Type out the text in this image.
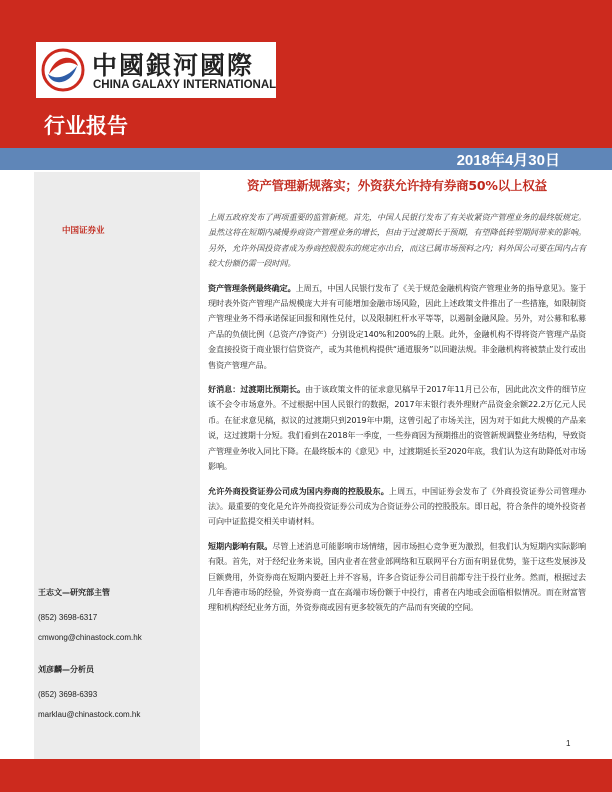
中國銀河國際
CHINA GALAXY INTERNATIONAL
行业报告
2018年4月30日
中国证券业
王志文—研究部主管
(852) 3698-6317
cmwong@chinastock.com.hk
刘彦麟—分析员
(852) 3698-6393
marklau@chinastock.com.hk
资产管理新规落实；外资获允许持有券商50%以上权益

上周五政府发布了两项重要的监管新规。首先，中国人民银行发布了有关收紧资产管理业务的最终版规定。虽然这将在短期内减慢券商资产管理业务的增长，但由于过渡期长于预期，有望降低转型期间带来的影响。另外，允许外国投资者成为券商控股股东的规定亦出台，而这已属市场预料之内；料外国公司要在国内占有较大份额仍需一段时间。

资产管理条例最终确定。上周五，中国人民银行发布了《关于规范金融机构资产管理业务的指导意见》。鉴于现时表外资产管理产品规模庞大并有可能增加金融市场风险，因此上述政策文件推出了一些措施，如限制资产管理业务不得承诺保证回报和刚性兑付，以及限制杠杆水平等等，以遏制金融风险。另外，对公募和私募产品的负债比例（总资产/净资产）分别设定140%和200%的上限。此外，金融机构不得将资产管理产品资金直接投资于商业银行信贷资产，或为其他机构提供“通道服务”以回避法规。非金融机构将被禁止发行或出售资产管理产品。

好消息：过渡期比预期长。由于该政策文件的征求意见稿早于2017年11月已公布，因此此次文件的细节应该不会令市场意外。不过根据中国人民银行的数据，2017年末银行表外理财产品资金余额22.2万亿元人民币。在征求意见稿，拟议的过渡期只到2019年中期，这曾引起了市场关注，因为对于如此大规模的产品来说，这过渡期十分短。我们看到在2018年一季度，一些券商因为预期推出的资管新规调整业务结构，导致资产管理业务收入同比下降。在最终版本的《意见》中，过渡期延长至2020年底，我们认为这有助降低对市场影响。

允许外商投资证券公司成为国内券商的控股股东。上周五，中国证券会发布了《外商投资证券公司管理办法》。最重要的变化是允许外商投资证券公司成为合资证券公司的控股股东。即日起，符合条件的境外投资者可向中证监提交相关申请材料。

短期内影响有限。尽管上述消息可能影响市场情绪，因市场担心竞争更为激烈，但我们认为短期内实际影响有限。首先，对于经纪业务来说，国内业者在营业部网络和互联网平台方面有明显优势，鉴于这些发展涉及巨额费用，外资券商在短期内要赶上并不容易，许多合资证券公司目前都专注于投行业务。然而，根据过去几年香港市场的经验，外资券商一直在高端市场份额于中投行，甫者在内地或会面临相似情况。而在财富管理和机构经纪业务方面，外资券商或因有更多较领先的产品而有突破的空间。

1
